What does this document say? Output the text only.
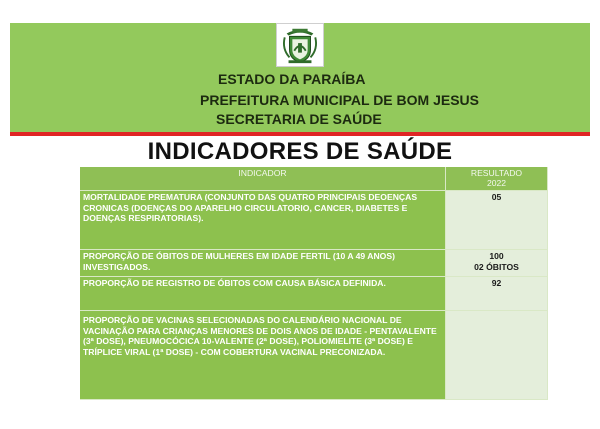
ESTADO DA PARAÍBA
PREFEITURA MUNICIPAL DE BOM JESUS
SECRETARIA DE SAÚDE
INDICADORES DE SAÚDE
INDICADOR	RESULTADO
2022
MORTALIDADE PREMATURA (CONJUNTO DAS QUATRO PRINCIPAIS DEOENÇAS CRONICAS (DOENÇAS DO APARELHO CIRCULATORIO, CANCER, DIABETES E DOENÇAS RESPIRATORIAS).
05
PROPORÇÃO DE ÓBITOS DE MULHERES EM IDADE FERTIL (10 A 49 ANOS) INVESTIGADOS.
100
02 ÓBITOS
PROPORÇÃO DE REGISTRO DE ÓBITOS COM CAUSA BÁSICA DEFINIDA.	92
PROPORÇÃO DE VACINAS SELECIONADAS DO CALENDÁRIO NACIONAL DE VACINAÇÃO PARA CRIANÇAS MENORES DE DOIS ANOS DE IDADE - PENTAVALENTE (3ª DOSE), PNEUMOCÓCICA 10-VALENTE (2ª DOSE), POLIOMIELITE (3ª DOSE) E TRÍPLICE VIRAL (1ª DOSE) - COM COBERTURA VACINAL PRECONIZADA.
